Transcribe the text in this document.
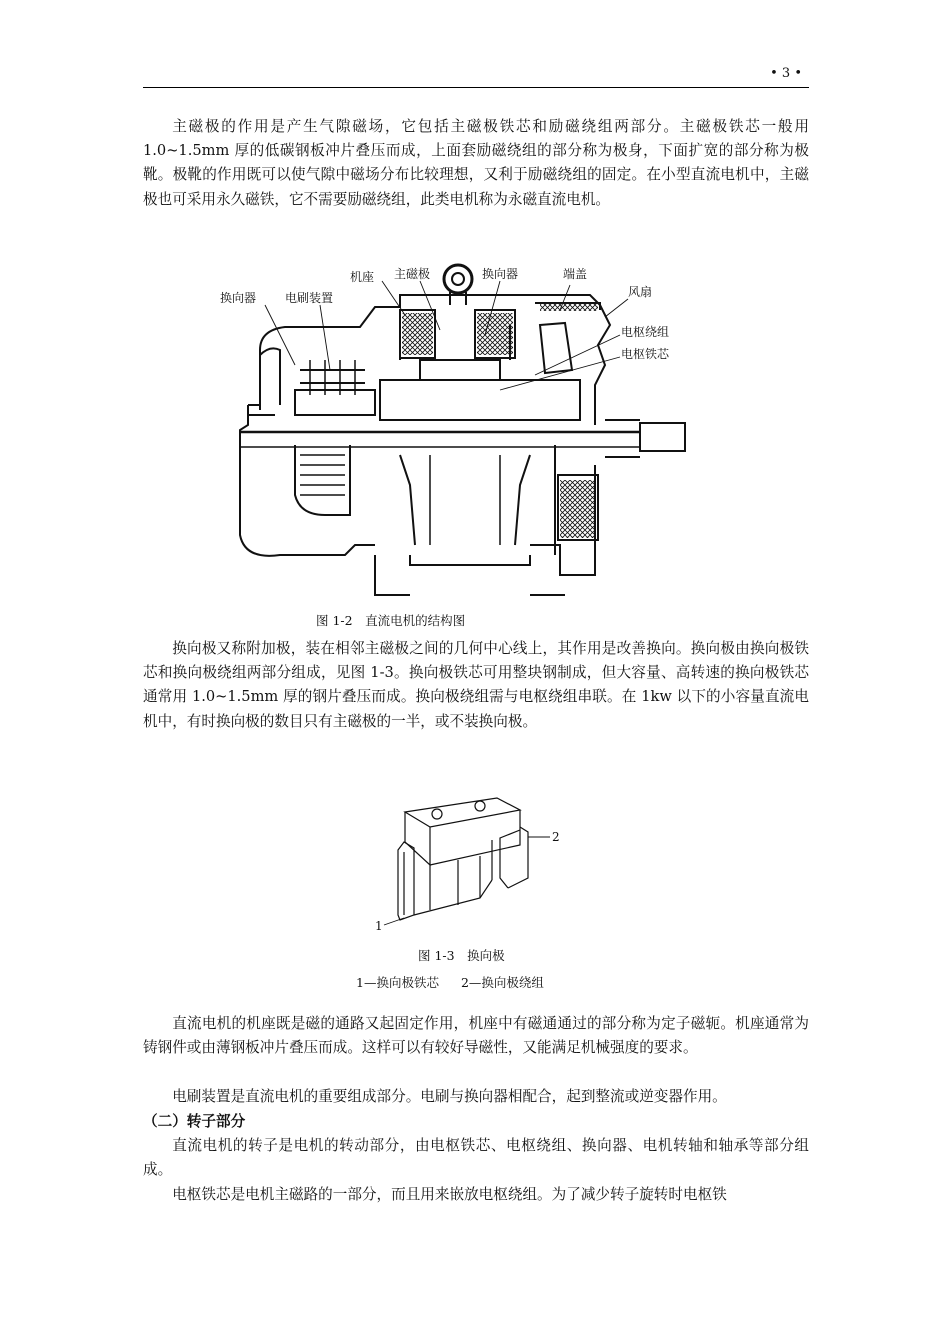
• 3 •

主磁极的作用是产生气隙磁场，它包括主磁极铁芯和励磁绕组两部分。主磁极铁芯一般用 1.0~1.5mm 厚的低碳钢板冲片叠压而成，上面套励磁绕组的部分称为极身，下面扩宽的部分称为极靴。极靴的作用既可以使气隙中磁场分布比较理想，又利于励磁绕组的固定。在小型直流电机中，主磁极也可采用永久磁铁，它不需要励磁绕组，此类电机称为永磁直流电机。

机座 主磁极	换向器	端盖
风扇
换向器 电刷装置
电枢绕组
电枢铁芯
图 1-2　直流电机的结构图

换向极又称附加极，装在相邻主磁极之间的几何中心线上，其作用是改善换向。换向极由换向极铁芯和换向极绕组两部分组成，见图 1-3。换向极铁芯可用整块钢制成，但大容量、高转速的换向极铁芯通常用 1.0~1.5mm 厚的钢片叠压而成。换向极绕组需与电枢绕组串联。在 1kw 以下的小容量直流电机中，有时换向极的数目只有主磁极的一半，或不装换向极。

2
1
图 1-3　换向极
1—换向极铁芯 2—换向极绕组

直流电机的机座既是磁的通路又起固定作用，机座中有磁通通过的部分称为定子磁轭。机座通常为铸钢件或由薄钢板冲片叠压而成。这样可以有较好导磁性，又能满足机械强度的要求。

电刷装置是直流电机的重要组成部分。电刷与换向器相配合，起到整流或逆变器作用。

（二）转子部分

直流电机的转子是电机的转动部分，由电枢铁芯、电枢绕组、换向器、电机转轴和轴承等部分组成。

电枢铁芯是电机主磁路的一部分，而且用来嵌放电枢绕组。为了减少转子旋转时电枢铁
